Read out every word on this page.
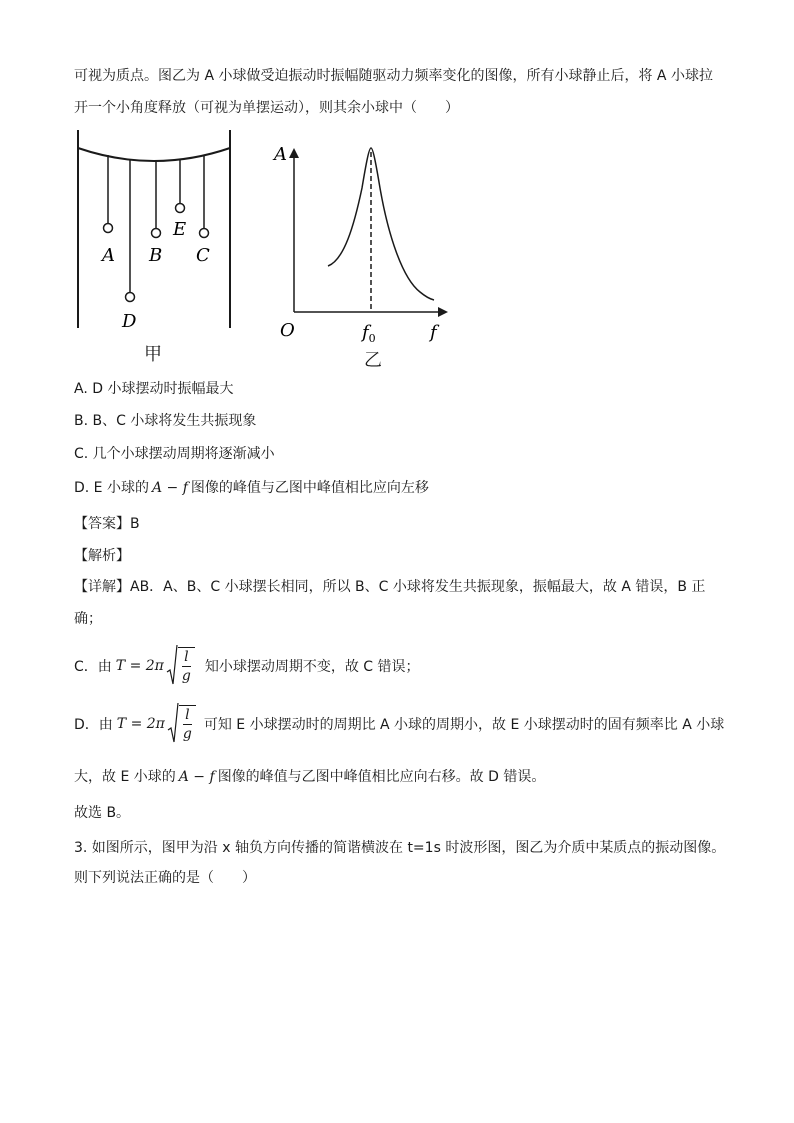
可视为质点。图乙为 A 小球做受迫振动时振幅随驱动力频率变化的图像，所有小球静止后，将 A 小球拉
开一个小角度释放（可视为单摆运动），则其余小球中（　　）
A
D
B
E
C
甲
A
O	f
$f_0$
乙
A. D 小球摆动时振幅最大
B. B、C 小球将发生共振现象
C. 几个小球摆动周期将逐渐减小
D. E 小球的 A − f 图像的峰值与乙图中峰值相比应向左移
【答案】B
【解析】
【详解】AB．A、B、C 小球摆长相同，所以 B、C 小球将发生共振现象，振幅最大，故 A 错误，B 正
确；
C．由 $T = 2\pi \frac{l}{g}$ 知小球摆动周期不变，故 C 错误；
D．由 $T = 2\pi \frac{l}{g}$ 可知 E 小球摆动时的周期比 A 小球的周期小，故 E 小球摆动时的固有频率比 A 小球
大，故 E 小球的 A − f 图像的峰值与乙图中峰值相比应向右移。故 D 错误。
故选 B。
3. 如图所示，图甲为沿 x 轴负方向传播的简谐横波在 t=1s 时波形图，图乙为介质中某质点的振动图像。
则下列说法正确的是（　　）
